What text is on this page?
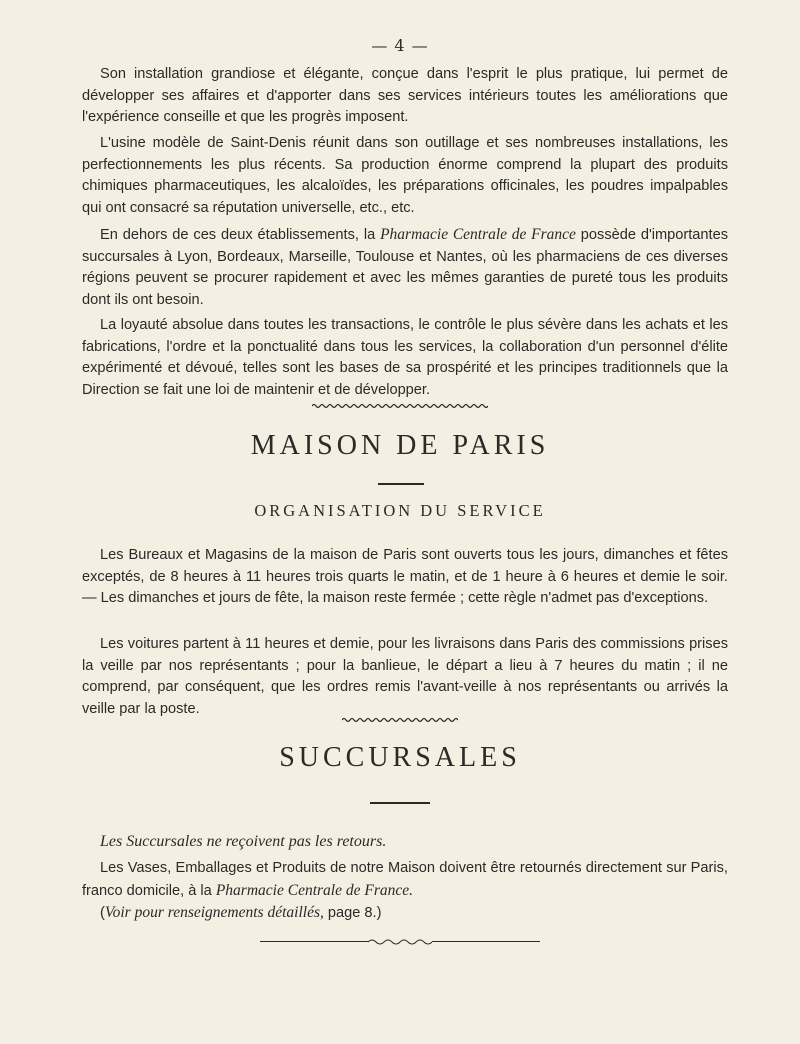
— 4 —

Son installation grandiose et élégante, conçue dans l'esprit le plus pratique, lui permet de développer ses affaires et d'apporter dans ses services intérieurs toutes les améliorations que l'expérience conseille et que les progrès imposent.

L'usine modèle de Saint-Denis réunit dans son outillage et ses nombreuses installations, les perfectionnements les plus récents. Sa production énorme comprend la plupart des produits chimiques pharmaceutiques, les alcaloïdes, les préparations officinales, les poudres impalpables qui ont consacré sa réputation universelle, etc., etc.

En dehors de ces deux établissements, la Pharmacie Centrale de France possède d'importantes succursales à Lyon, Bordeaux, Marseille, Toulouse et Nantes, où les pharmaciens de ces diverses régions peuvent se procurer rapidement et avec les mêmes garanties de pureté tous les produits dont ils ont besoin.

La loyauté absolue dans toutes les transactions, le contrôle le plus sévère dans les achats et les fabrications, l'ordre et la ponctualité dans tous les services, la collaboration d'un personnel d'élite expérimenté et dévoué, telles sont les bases de sa prospérité et les principes traditionnels que la Direction se fait une loi de maintenir et de développer.

MAISON DE PARIS
ORGANISATION DU SERVICE

Les Bureaux et Magasins de la maison de Paris sont ouverts tous les jours, dimanches et fêtes exceptés, de 8 heures à 11 heures trois quarts le matin, et de 1 heure à 6 heures et demie le soir. — Les dimanches et jours de fête, la maison reste fermée ; cette règle n'admet pas d'exceptions.

Les voitures partent à 11 heures et demie, pour les livraisons dans Paris des commissions prises la veille par nos représentants ; pour la banlieue, le départ a lieu à 7 heures du matin ; il ne comprend, par conséquent, que les ordres remis l'avant-veille à nos représentants ou arrivés la veille par la poste.

SUCCURSALES
Les Succursales ne reçoivent pas les retours.

Les Vases, Emballages et Produits de notre Maison doivent être retournés directement sur Paris, franco domicile, à la Pharmacie Centrale de France.

(Voir pour renseignements détaillés, page 8.)
